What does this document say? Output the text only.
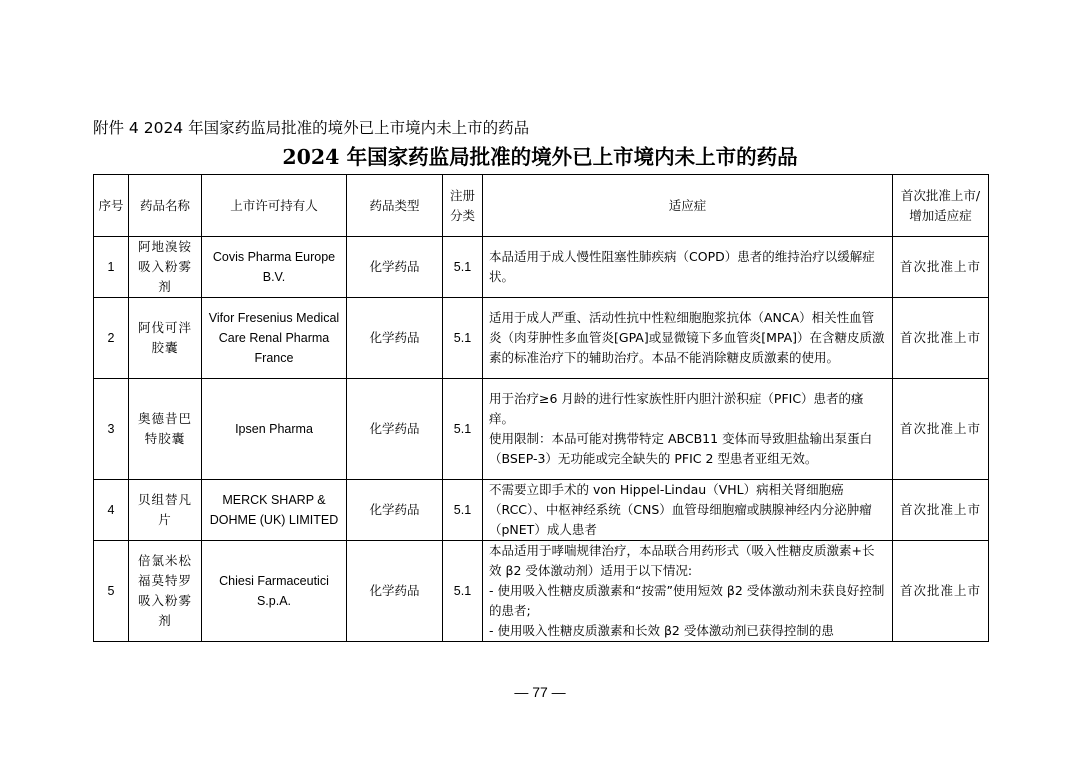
附件 4 2024 年国家药监局批准的境外已上市境内未上市的药品
2024 年国家药监局批准的境外已上市境内未上市的药品
序号	药品名称	上市许可持有人	药品类型	注册分类	适应症	首次批准上市/增加适应症
1	阿地溴铵吸入粉雾剂	Covis Pharma Europe B.V.	化学药品	5.1	本品适用于成人慢性阻塞性肺疾病（COPD）患者的维持治疗以缓解症状。	首次批准上市
2	阿伐可泮胶囊	Vifor Fresenius Medical Care Renal Pharma France	化学药品	5.1	适用于成人严重、活动性抗中性粒细胞胞浆抗体（ANCA）相关性血管炎（肉芽肿性多血管炎[GPA]或显微镜下多血管炎[MPA]）在含糖皮质激素的标准治疗下的辅助治疗。本品不能消除糖皮质激素的使用。	首次批准上市
3	奥德昔巴特胶囊	Ipsen Pharma	化学药品	5.1	用于治疗≥6 月龄的进行性家族性肝内胆汁淤积症（PFIC）患者的瘙痒。
使用限制：本品可能对携带特定 ABCB11 变体而导致胆盐输出泵蛋白（BSEP-3）无功能或完全缺失的 PFIC 2 型患者亚组无效。	首次批准上市
4	贝组替凡片	MERCK SHARP & DOHME (UK) LIMITED	化学药品	5.1	不需要立即手术的 von Hippel-Lindau（VHL）病相关肾细胞癌（RCC）、中枢神经系统（CNS）血管母细胞瘤或胰腺神经内分泌肿瘤（pNET）成人患者	首次批准上市
5	倍氯米松福莫特罗吸入粉雾剂	Chiesi Farmaceutici S.p.A.	化学药品	5.1	本品适用于哮喘规律治疗，本品联合用药形式（吸入性糖皮质激素+长效 β2 受体激动剂）适用于以下情况:
- 使用吸入性糖皮质激素和“按需”使用短效 β2 受体激动剂未获良好控制的患者;
- 使用吸入性糖皮质激素和长效 β2 受体激动剂已获得控制的患	首次批准上市
— 77 —
